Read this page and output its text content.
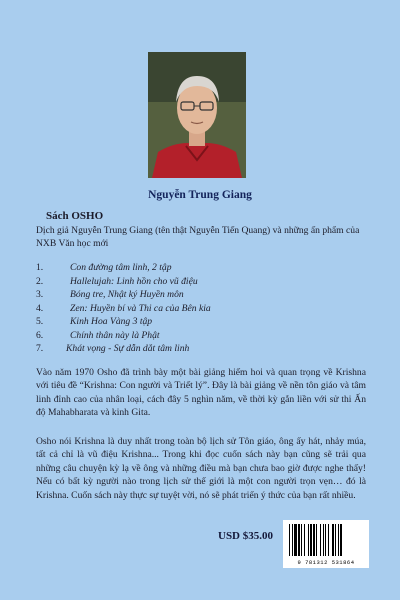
Nguyễn Trung Giang
Sách OSHO
Dịch giả Nguyễn Trung Giang (tên thật Nguyễn Tiến Quang) và những ấn phẩm của NXB Văn học mới
1.	Con đường tâm linh, 2 tập
2.	Hallelujah: Linh hồn cho vũ điệu
3.	Bóng tre, Nhật ký Huyền môn
4.	Zen: Huyền bí và Thi ca của Bên kia
5.	Kinh Hoa Vàng 3 tập
6.	Chính thân này là Phật
7. Khát vọng - Sự dẫn dắt tâm linh

Vào năm 1970 Osho đã trình bày một bài giảng hiếm hoi và quan trọng về Krishna với tiêu đề “Krishna: Con người và Triết lý”. Đây là bài giảng về nền tôn giáo và tâm linh đỉnh cao của nhân loại, cách đây 5 nghìn năm, về thời kỳ gắn liền với sử thi Ấn độ Mahabharata và kinh Gita.

Osho nói Krishna là duy nhất trong toàn bộ lịch sử Tôn giáo, ông ấy hát, nhảy múa, tất cả chỉ là vũ điệu Krishna... Trong khi đọc cuốn sách này bạn cũng sẽ trải qua những câu chuyện kỳ lạ về ông và những điều mà bạn chưa bao giờ được nghe thấy! Nếu có bất kỳ người nào trong lịch sử thế giới là một con người trọn vẹn… đó là Krishna. Cuốn sách này thực sự tuyệt vời, nó sẽ phát triển ý thức của bạn rất nhiều.

USD $35.00
9 781312 531864
